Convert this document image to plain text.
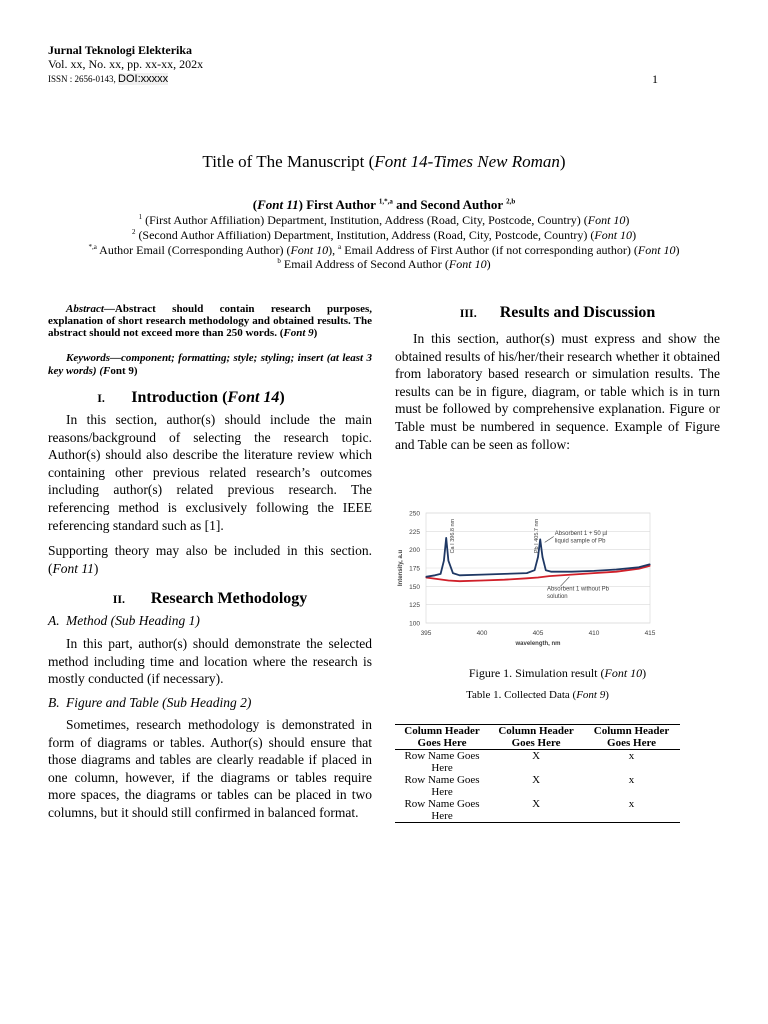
Jurnal Teknologi Elekterika
Vol. xx, No. xx, pp. xx-xx, 202x
ISSN : 2656-0143, DOI:xxxxx	1
Title of The Manuscript (Font 14-Times New Roman)
(Font 11) First Author $^{1,*,a}$ and Second Author $^{2,b}$
$^1$ (First Author Affiliation) Department, Institution, Address (Road, City, Postcode, Country) (Font 10)
$^2$ (Second Author Affiliation) Department, Institution, Address (Road, City, Postcode, Country) (Font 10)
$^{*,a}$ Author Email (Corresponding Author) (Font 10), $^a$ Email Address of First Author (if not corresponding author) (Font 10)
$^b$ Email Address of Second Author (Font 10)
Abstract—Abstract should contain research purposes, explanation of short research methodology and obtained results. The abstract should not exceed more than 250 words. (Font 9)
Keywords—component; formatting; style; styling; insert (at least 3 key words) (Font 9)
I. Introduction (Font 14)
In this section, author(s) should include the main reasons/background of selecting the research topic. Author(s) should also describe the literature review which containing other previous related research’s outcomes including author(s) related previous research. The referencing method is exclusively following the IEEE referencing standard such as [1].
Supporting theory may also be included in this section. (Font 11)
II. Research Methodology
A. Method (Sub Heading 1)
In this part, author(s) should demonstrate the selected method including time and location where the research is mostly conducted (if necessary).
B. Figure and Table (Sub Heading 2)
Sometimes, research methodology is demonstrated in form of diagrams or tables. Author(s) should ensure that those diagrams and tables are clearly readable if placed in one column, however, if the diagrams or tables require more spaces, the diagrams or tables can be placed in two columns, but it should still confirmed in balanced format.
III. Results and Discussion
In this section, author(s) must express and show the obtained results of his/her/their research whether it obtained from laboratory based research or simulation results. The results can be in figure, diagram, or table which is in turn must be followed by comprehensive explanation. Figure or Table must be numbered in sequence. Example of Figure and Table can be seen as follow:
100
125
150
175
200
225
250
395	400	405	410	415
wavelength, nm
Intensity, a.u
Ca I 396.8 nm	Pb I 405.7 nm Absorbent 1 + 50 µl
liquid sample of Pb
Absorbent 1 without Pb
solution
Figure 1. Simulation result (Font 10)
Table 1. Collected Data (Font 9)
Column Header Goes Here	Column Header Goes Here	Column Header Goes Here
Row Name Goes Here	X	x
Row Name Goes Here	X	x
Row Name Goes Here	X	x
